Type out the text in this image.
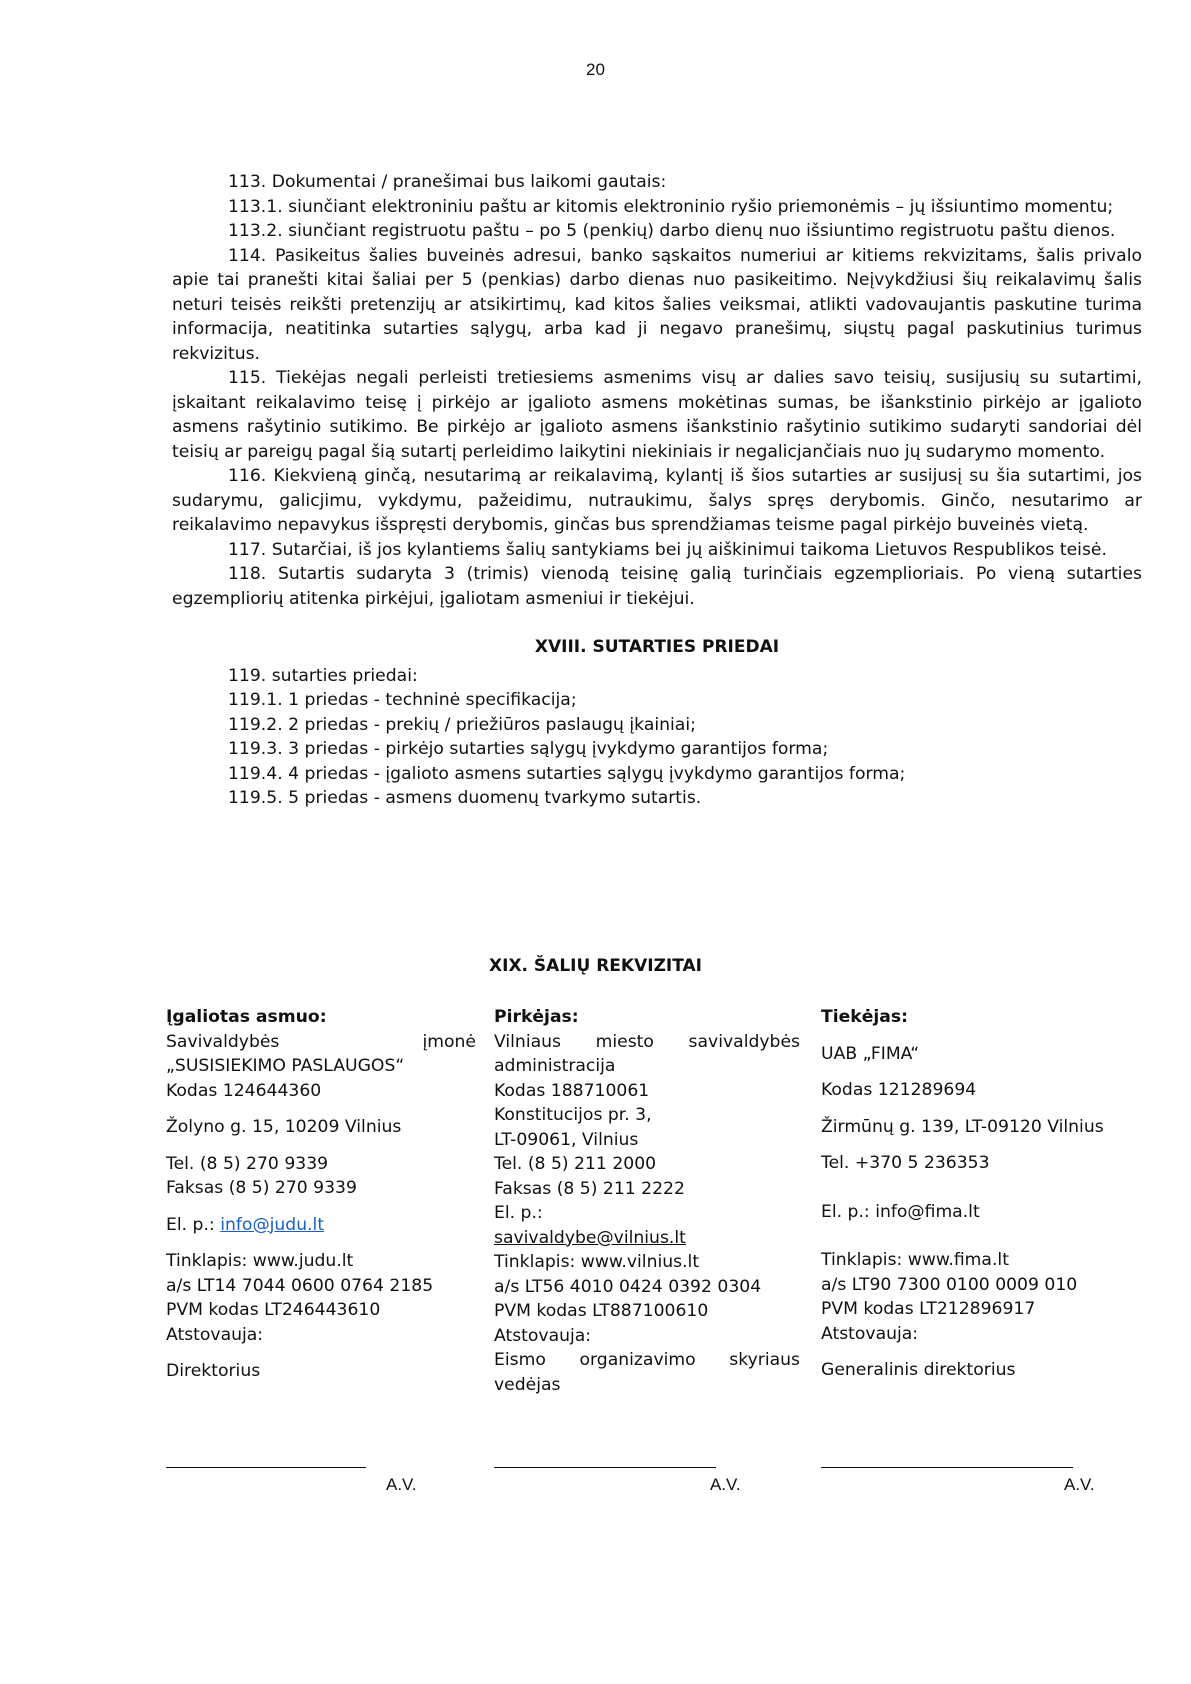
20

113. Dokumentai / pranešimai bus laikomi gautais:

113.1. siunčiant elektroniniu paštu ar kitomis elektroninio ryšio priemonėmis – jų išsiuntimo momentu;

113.2. siunčiant registruotu paštu – po 5 (penkių) darbo dienų nuo išsiuntimo registruotu paštu dienos.

114. Pasikeitus šalies buveinės adresui, banko sąskaitos numeriui ar kitiems rekvizitams, šalis privalo apie tai pranešti kitai šaliai per 5 (penkias) darbo dienas nuo pasikeitimo. Neįvykdžiusi šių reikalavimų šalis neturi teisės reikšti pretenzijų ar atsikirtimų, kad kitos šalies veiksmai, atlikti vadovaujantis paskutine turima informacija, neatitinka sutarties sąlygų, arba kad ji negavo pranešimų, siųstų pagal paskutinius turimus rekvizitus.

115. Tiekėjas negali perleisti tretiesiems asmenims visų ar dalies savo teisių, susijusių su sutartimi, įskaitant reikalavimo teisę į pirkėjo ar įgalioto asmens mokėtinas sumas, be išankstinio pirkėjo ar įgalioto asmens rašytinio sutikimo. Be pirkėjo ar įgalioto asmens išankstinio rašytinio sutikimo sudaryti sandoriai dėl teisių ar pareigų pagal šią sutartį perleidimo laikytini niekiniais ir negalicjančiais nuo jų sudarymo momento.

116. Kiekvieną ginčą, nesutarimą ar reikalavimą, kylantį iš šios sutarties ar susijusį su šia sutartimi, jos sudarymu, galicjimu, vykdymu, pažeidimu, nutraukimu, šalys spręs derybomis. Ginčo, nesutarimo ar reikalavimo nepavykus išspręsti derybomis, ginčas bus sprendžiamas teisme pagal pirkėjo buveinės vietą.

117. Sutarčiai, iš jos kylantiems šalių santykiams bei jų aiškinimui taikoma Lietuvos Respublikos teisė.

118. Sutartis sudaryta 3 (trimis) vienodą teisinę galią turinčiais egzemplioriais. Po vieną sutarties egzempliorių atitenka pirkėjui, įgaliotam asmeniui ir tiekėjui.

XVIII. SUTARTIES PRIEDAI

119. sutarties priedai:

119.1. 1 priedas - techninė specifikacija;

119.2. 2 priedas - prekių / priežiūros paslaugų įkainiai;

119.3. 3 priedas - pirkėjo sutarties sąlygų įvykdymo garantijos forma;

119.4. 4 priedas - įgalioto asmens sutarties sąlygų įvykdymo garantijos forma;

119.5. 5 priedas - asmens duomenų tvarkymo sutartis.

XIX. ŠALIŲ REKVIZITAI
Įgaliotas asmuo:
Savivaldybės įmonė
„SUSISIEKIMO PASLAUGOS“
Kodas 124644360
Žolyno g. 15, 10209 Vilnius
Tel. (8 5) 270 9339
Faksas (8 5) 270 9339
El. p.: info@judu.lt
Tinklapis: www.judu.lt
a/s LT14 7044 0600 0764 2185
PVM kodas LT246443610
Atstovauja:
Direktorius
Pirkėjas:
Vilniaus miesto savivaldybės
administracija
Kodas 188710061
Konstitucijos pr. 3,
LT-09061, Vilnius
Tel. (8 5) 211 2000
Faksas (8 5) 211 2222
El. p.:
savivaldybe@vilnius.lt
Tinklapis: www.vilnius.lt
a/s LT56 4010 0424 0392 0304
PVM kodas LT887100610
Atstovauja:
Eismo organizavimo skyriaus
vedėjas
Tiekėjas:
UAB „FIMA“
Kodas 121289694
Žirmūnų g. 139, LT-09120 Vilnius
Tel. +370 5 236353
El. p.: info@fima.lt
Tinklapis: www.fima.lt
a/s LT90 7300 0100 0009 010
PVM kodas LT212896917
Atstovauja:
Generalinis direktorius
A.V.	A.V.	A.V.
